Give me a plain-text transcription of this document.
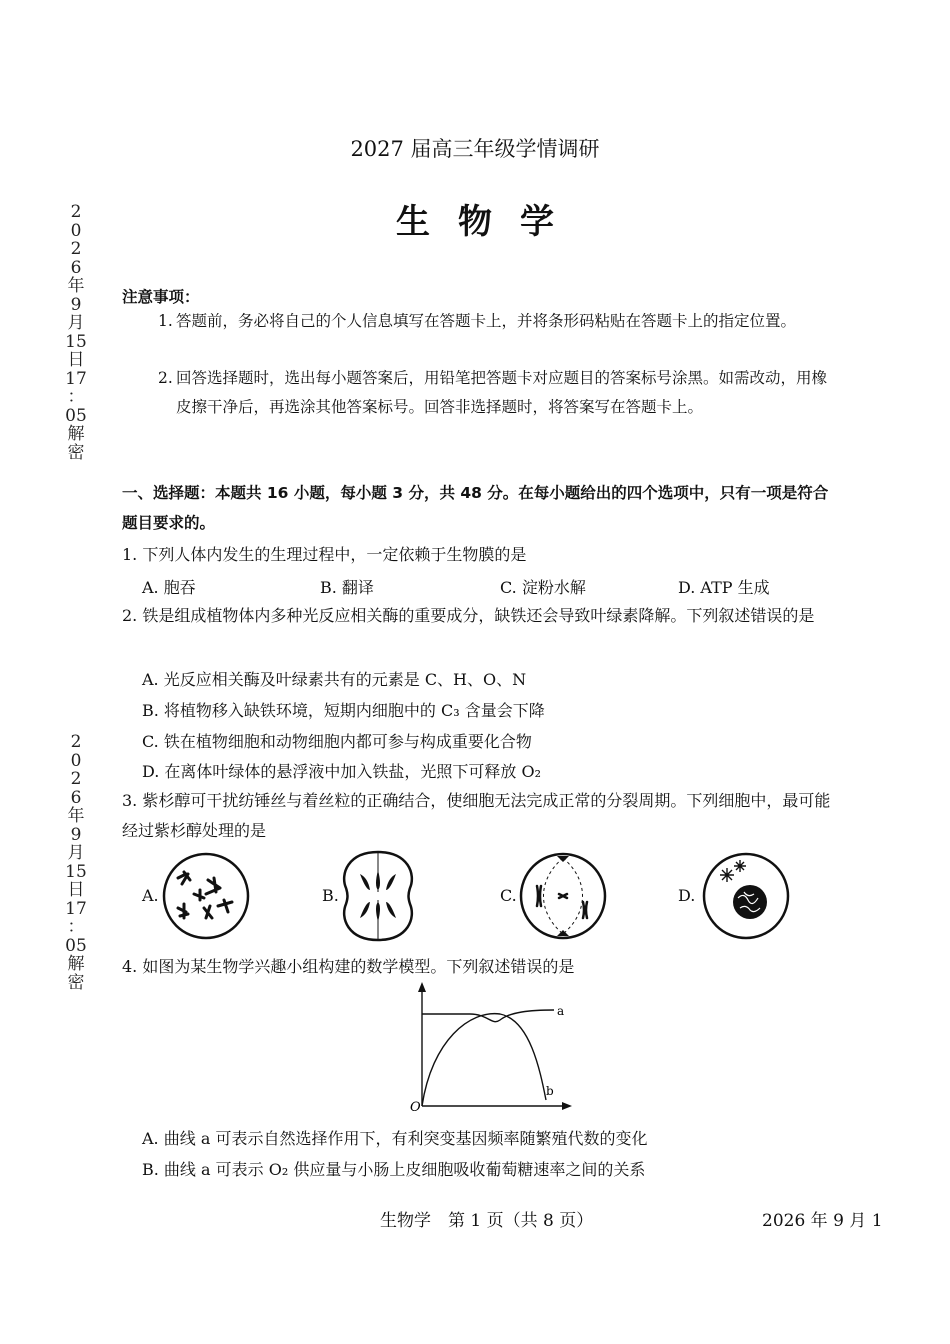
2
0
2
6
年
9
月
15
日
17
：
05
解
密
2
0
2
6
年
9
月
15
日
17
：
05
解
密
2027 届高三年级学情调研
生物学
注意事项：
1. 答题前，务必将自己的个人信息填写在答题卡上，并将条形码粘贴在答题卡上的指定位置。
2. 回答选择题时，选出每小题答案后，用铅笔把答题卡对应题目的答案标号涂黑。如需改动，用橡皮擦干净后，再选涂其他答案标号。回答非选择题时，将答案写在答题卡上。
一、选择题：本题共 16 小题，每小题 3 分，共 48 分。在每小题给出的四个选项中，只有一项是符合题目要求的。
1. 下列人体内发生的生理过程中，一定依赖于生物膜的是
A. 胞吞	B. 翻译	C. 淀粉水解	D. ATP 生成
2. 铁是组成植物体内多种光反应相关酶的重要成分，缺铁还会导致叶绿素降解。下列叙述错误的是
A. 光反应相关酶及叶绿素共有的元素是 C、H、O、N
B. 将植物移入缺铁环境，短期内细胞中的 C₃ 含量会下降
C. 铁在植物细胞和动物细胞内都可参与构成重要化合物
D. 在离体叶绿体的悬浮液中加入铁盐，光照下可释放 O₂
3. 紫杉醇可干扰纺锤丝与着丝粒的正确结合，使细胞无法完成正常的分裂周期。下列细胞中，最可能经过紫杉醇处理的是
A.	B.	C.	D.
4. 如图为某生物学兴趣小组构建的数学模型。下列叙述错误的是
a
b
O
A. 曲线 a 可表示自然选择作用下，有利突变基因频率随繁殖代数的变化
B. 曲线 a 可表示 O₂ 供应量与小肠上皮细胞吸收葡萄糖速率之间的关系
生物学　第 1 页（共 8 页）	2026 年 9 月 1
